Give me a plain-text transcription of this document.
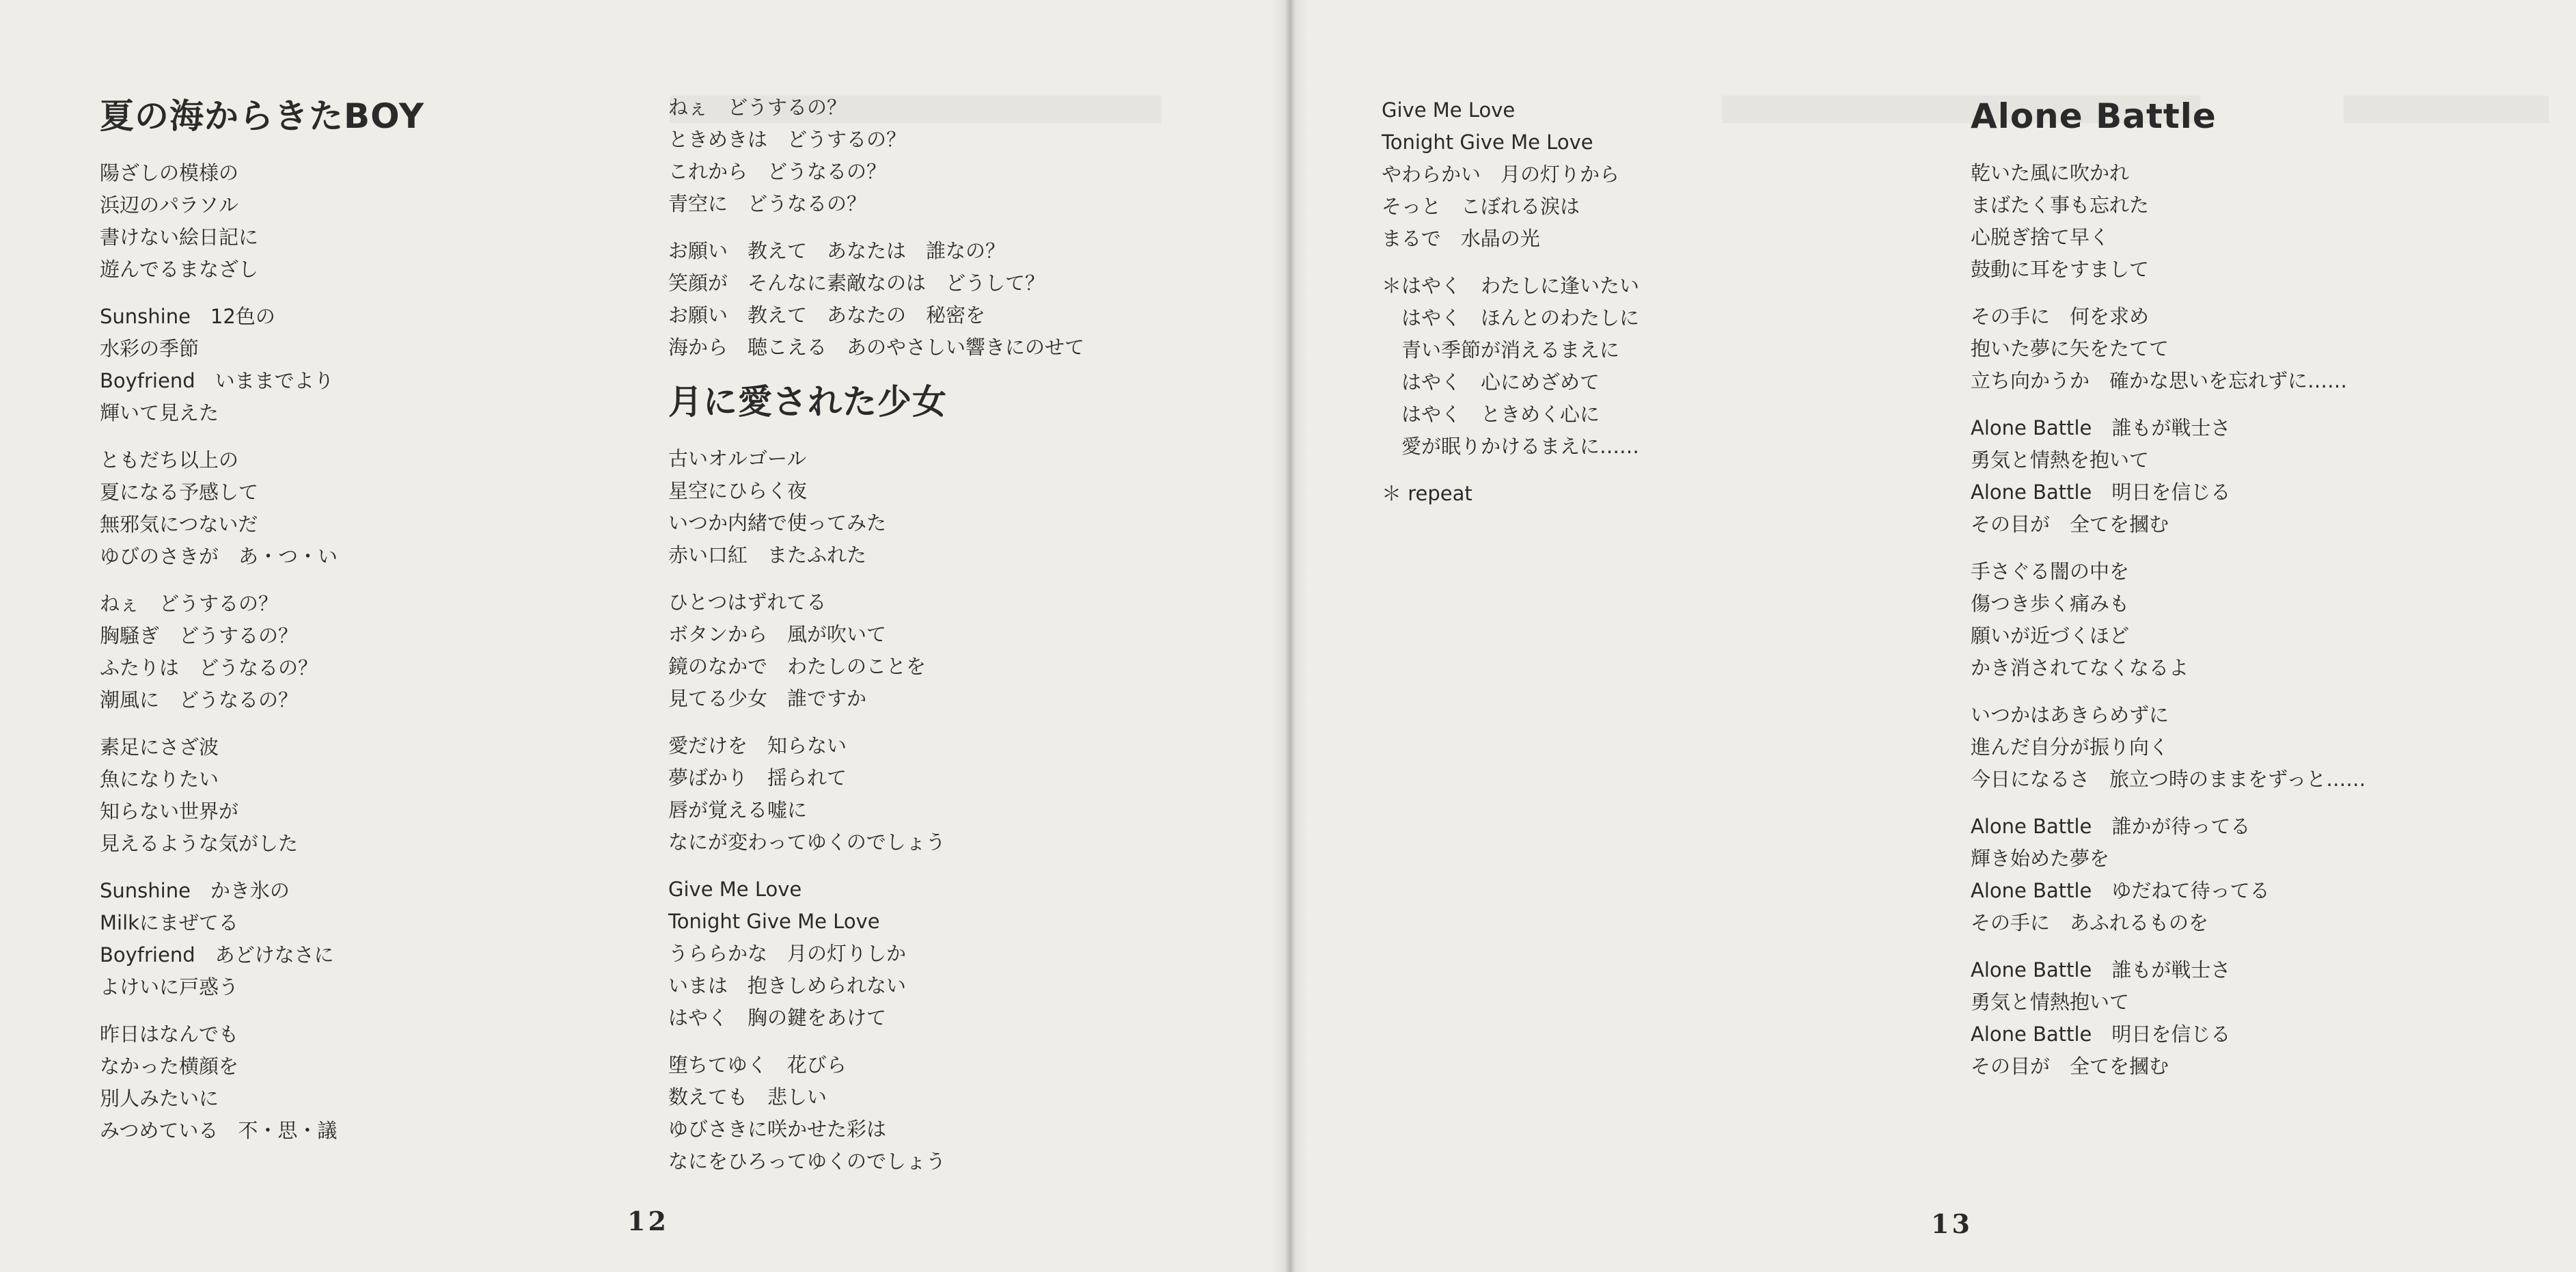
夏の海からきたBOY
陽ざしの模様の
浜辺のパラソル
書けない絵日記に
遊んでるまなざし
Sunshine　12色の
水彩の季節
Boyfriend　いままでより
輝いて見えた
ともだち以上の
夏になる予感して
無邪気につないだ
ゆびのさきが　あ・つ・い
ねぇ　どうするの？
胸騒ぎ　どうするの？
ふたりは　どうなるの？
潮風に　どうなるの？
素足にさざ波
魚になりたい
知らない世界が
見えるような気がした
Sunshine　かき氷の
Milkにまぜてる
Boyfriend　あどけなさに
よけいに戸惑う
昨日はなんでも
なかった横顔を
別人みたいに
みつめている　不・思・議
ねぇ　どうするの？
ときめきは　どうするの？
これから　どうなるの？
青空に　どうなるの？
お願い　教えて　あなたは　誰なの？
笑顔が　そんなに素敵なのは　どうして？
お願い　教えて　あなたの　秘密を
海から　聴こえる　あのやさしい響きにのせて
月に愛された少女
古いオルゴール
星空にひらく夜
いつか内緒で使ってみた
赤い口紅　またふれた
ひとつはずれてる
ボタンから　風が吹いて
鏡のなかで　わたしのことを
見てる少女　誰ですか
愛だけを　知らない
夢ばかり　揺られて
唇が覚える嘘に
なにが変わってゆくのでしょう
Give Me Love
Tonight Give Me Love
うららかな　月の灯りしか
いまは　抱きしめられない
はやく　胸の鍵をあけて
堕ちてゆく　花びら
数えても　悲しい
ゆびさきに咲かせた彩は
なにをひろってゆくのでしょう
12
Give Me Love
Tonight Give Me Love
やわらかい　月の灯りから
そっと　こぼれる涙は
まるで　水晶の光
＊はやく　わたしに逢いたい
　はやく　ほんとのわたしに
　青い季節が消えるまえに
　はやく　心にめざめて
　はやく　ときめく心に
　愛が眠りかけるまえに……
＊ repeat
Alone Battle
乾いた風に吹かれ
まばたく事も忘れた
心脱ぎ捨て早く
鼓動に耳をすまして
その手に　何を求め
抱いた夢に矢をたてて
立ち向かうか　確かな思いを忘れずに……
Alone Battle　誰もが戦士さ
勇気と情熱を抱いて
Alone Battle　明日を信じる
その目が　全てを摑む
手さぐる闇の中を
傷つき歩く痛みも
願いが近づくほど
かき消されてなくなるよ
いつかはあきらめずに
進んだ自分が振り向く
今日になるさ　旅立つ時のままをずっと……
Alone Battle　誰かが待ってる
輝き始めた夢を
Alone Battle　ゆだねて待ってる
その手に　あふれるものを
Alone Battle　誰もが戦士さ
勇気と情熱抱いて
Alone Battle　明日を信じる
その目が　全てを摑む
13
